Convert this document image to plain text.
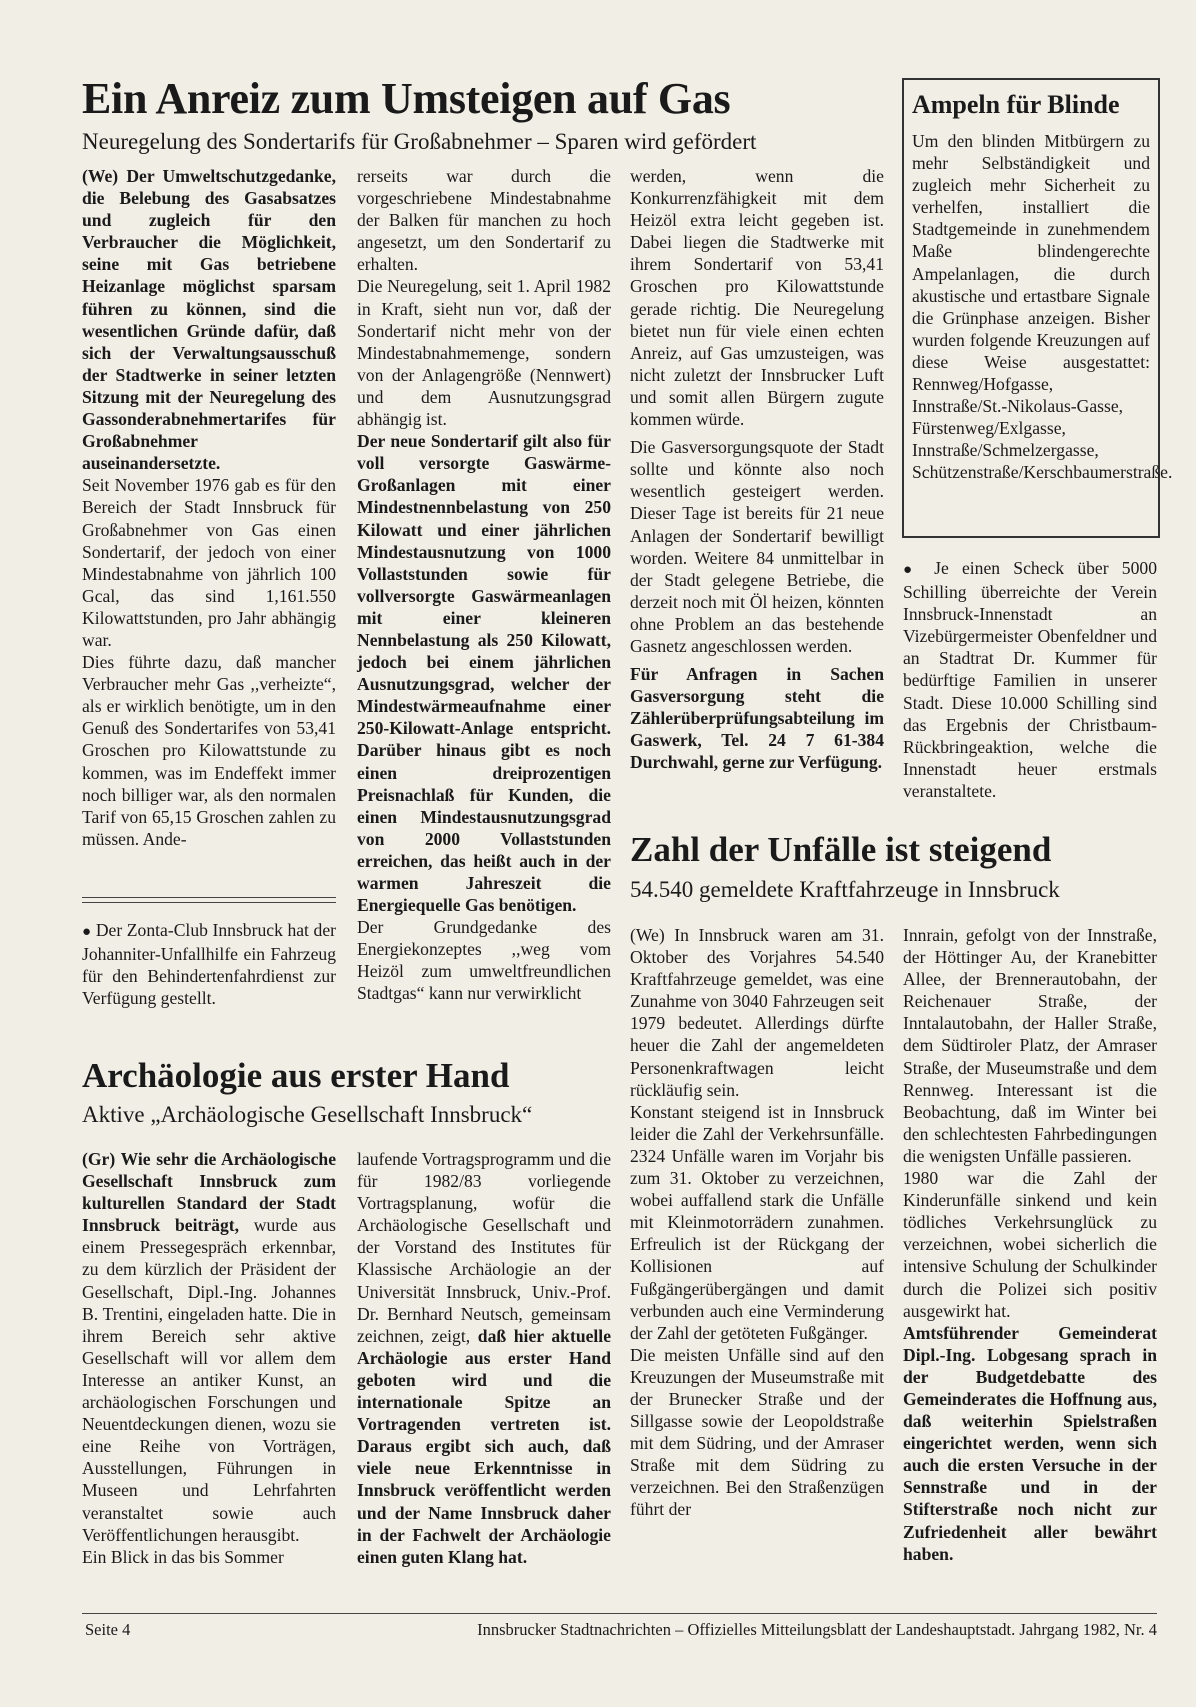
Ein Anreiz zum Umsteigen auf Gas
Neuregelung des Sondertarifs für Großabnehmer – Sparen wird gefördert

(We) Der Umweltschutzgedanke, die Belebung des Gasabsatzes und zugleich für den Verbraucher die Möglichkeit, seine mit Gas betriebene Heizanlage möglichst sparsam führen zu können, sind die wesentlichen Gründe dafür, daß sich der Verwaltungsausschuß der Stadtwerke in seiner letzten Sitzung mit der Neuregelung des Gassonderabnehmertarifes für Großabnehmer auseinandersetzte.

Seit November 1976 gab es für den Bereich der Stadt Innsbruck für Großabnehmer von Gas einen Sondertarif, der jedoch von einer Mindestabnahme von jährlich 100 Gcal, das sind 1,161.550 Kilowattstunden, pro Jahr abhängig war.

Dies führte dazu, daß mancher Verbraucher mehr Gas ,,verheizte“, als er wirklich benötigte, um in den Genuß des Sondertarifes von 53,41 Groschen pro Kilowattstunde zu kommen, was im Endeffekt immer noch billiger war, als den normalen Tarif von 65,15 Groschen zahlen zu müssen. Ande-

rerseits war durch die vorgeschriebene Mindestabnahme der Balken für manchen zu hoch angesetzt, um den Sondertarif zu erhalten.

Die Neuregelung, seit 1. April 1982 in Kraft, sieht nun vor, daß der Sondertarif nicht mehr von der Mindestabnahmemenge, sondern von der Anlagengröße (Nennwert) und dem Ausnutzungsgrad abhängig ist.

Der neue Sondertarif gilt also für voll versorgte Gaswärme-Großanlagen mit einer Mindestnennbelastung von 250 Kilowatt und einer jährlichen Mindestausnutzung von 1000 Vollaststunden sowie für vollversorgte Gaswärmeanlagen mit einer kleineren Nennbelastung als 250 Kilowatt, jedoch bei einem jährlichen Ausnutzungsgrad, welcher der Mindestwärmeaufnahme einer 250-Kilowatt-Anlage entspricht. Darüber hinaus gibt es noch einen dreiprozentigen Preisnachlaß für Kunden, die einen Mindestausnutzungsgrad von 2000 Vollaststunden erreichen, das heißt auch in der warmen Jahreszeit die Energiequelle Gas benötigen.

Der Grundgedanke des Energiekonzeptes ,,weg vom Heizöl zum umweltfreundlichen Stadtgas“ kann nur verwirklicht

werden, wenn die Konkurrenzfähigkeit mit dem Heizöl extra leicht gegeben ist. Dabei liegen die Stadtwerke mit ihrem Sondertarif von 53,41 Groschen pro Kilowattstunde gerade richtig. Die Neuregelung bietet nun für viele einen echten Anreiz, auf Gas umzusteigen, was nicht zuletzt der Innsbrucker Luft und somit allen Bürgern zugute kommen würde.

Die Gasversorgungsquote der Stadt sollte und könnte also noch wesentlich gesteigert werden. Dieser Tage ist bereits für 21 neue Anlagen der Sondertarif bewilligt worden. Weitere 84 unmittelbar in der Stadt gelegene Betriebe, die derzeit noch mit Öl heizen, könnten ohne Problem an das bestehende Gasnetz angeschlossen werden.

Für Anfragen in Sachen Gasversorgung steht die Zählerüberprüfungsabteilung im Gaswerk, Tel. 24 7 61-384 Durchwahl, gerne zur Verfügung.

Ampeln für Blinde
Um den blinden Mitbürgern zu mehr Selbständigkeit und zugleich mehr Sicherheit zu verhelfen, installiert die Stadtgemeinde in zunehmendem Maße blindengerechte Ampelanlagen, die durch akustische und ertastbare Signale die Grünphase anzeigen. Bisher wurden folgende Kreuzungen auf diese Weise ausgestattet: Rennweg/Hofgasse, Innstraße/St.-Nikolaus-Gasse, Fürstenweg/Exlgasse, Innstraße/Schmelzergasse, Schützenstraße/Kerschbaumerstraße.
● Je einen Scheck über 5000 Schilling überreichte der Verein Innsbruck-Innenstadt an Vizebürgermeister Obenfeldner und an Stadtrat Dr. Kummer für bedürftige Familien in unserer Stadt. Diese 10.000 Schilling sind das Ergebnis der Christbaum-Rückbringeaktion, welche die Innenstadt heuer erstmals veranstaltete.
● Der Zonta-Club Innsbruck hat der Johanniter-Unfallhilfe ein Fahrzeug für den Behindertenfahrdienst zur Verfügung gestellt.
Archäologie aus erster Hand
Aktive „Archäologische Gesellschaft Innsbruck“

(Gr) Wie sehr die Archäologische Gesellschaft Innsbruck zum kulturellen Standard der Stadt Innsbruck beiträgt, wurde aus einem Pressegespräch erkennbar, zu dem kürzlich der Präsident der Gesellschaft, Dipl.-Ing. Johannes B. Trentini, eingeladen hatte. Die in ihrem Bereich sehr aktive Gesellschaft will vor allem dem Interesse an antiker Kunst, an archäologischen Forschungen und Neuentdeckungen dienen, wozu sie eine Reihe von Vorträgen, Ausstellungen, Führungen in Museen und Lehrfahrten veranstaltet sowie auch Veröffentlichungen herausgibt.

Ein Blick in das bis Sommer

laufende Vortragsprogramm und die für 1982/83 vorliegende Vortragsplanung, wofür die Archäologische Gesellschaft und der Vorstand des Institutes für Klassische Archäologie an der Universität Innsbruck, Univ.-Prof. Dr. Bernhard Neutsch, gemeinsam zeichnen, zeigt, daß hier aktuelle Archäologie aus erster Hand geboten wird und die internationale Spitze an Vortragenden vertreten ist. Daraus ergibt sich auch, daß viele neue Erkenntnisse in Innsbruck veröffentlicht werden und der Name Innsbruck daher in der Fachwelt der Archäologie einen guten Klang hat.

Zahl der Unfälle ist steigend
54.540 gemeldete Kraftfahrzeuge in Innsbruck

(We) In Innsbruck waren am 31. Oktober des Vorjahres 54.540 Kraftfahrzeuge gemeldet, was eine Zunahme von 3040 Fahrzeugen seit 1979 bedeutet. Allerdings dürfte heuer die Zahl der angemeldeten Personenkraftwagen leicht rückläufig sein.

Konstant steigend ist in Innsbruck leider die Zahl der Verkehrsunfälle. 2324 Unfälle waren im Vorjahr bis zum 31. Oktober zu verzeichnen, wobei auffallend stark die Unfälle mit Kleinmotorrädern zunahmen. Erfreulich ist der Rückgang der Kollisionen auf Fußgängerübergängen und damit verbunden auch eine Verminderung der Zahl der getöteten Fußgänger.

Die meisten Unfälle sind auf den Kreuzungen der Museumstraße mit der Brunecker Straße und der Sillgasse sowie der Leopoldstraße mit dem Südring, und der Amraser Straße mit dem Südring zu verzeichnen. Bei den Straßenzügen führt der

Innrain, gefolgt von der Innstraße, der Höttinger Au, der Kranebitter Allee, der Brennerautobahn, der Reichenauer Straße, der Inntalautobahn, der Haller Straße, dem Südtiroler Platz, der Amraser Straße, der Museumstraße und dem Rennweg. Interessant ist die Beobachtung, daß im Winter bei den schlechtesten Fahrbedingungen die wenigsten Unfälle passieren.

1980 war die Zahl der Kinderunfälle sinkend und kein tödliches Verkehrsunglück zu verzeichnen, wobei sicherlich die intensive Schulung der Schulkinder durch die Polizei sich positiv ausgewirkt hat.

Amtsführender Gemeinderat Dipl.-Ing. Lobgesang sprach in der Budgetdebatte des Gemeinderates die Hoffnung aus, daß weiterhin Spielstraßen eingerichtet werden, wenn sich auch die ersten Versuche in der Sennstraße und in der Stifterstraße noch nicht zur Zufriedenheit aller bewährt haben.

Seite 4	Innsbrucker Stadtnachrichten – Offizielles Mitteilungsblatt der Landeshauptstadt. Jahrgang 1982, Nr. 4
